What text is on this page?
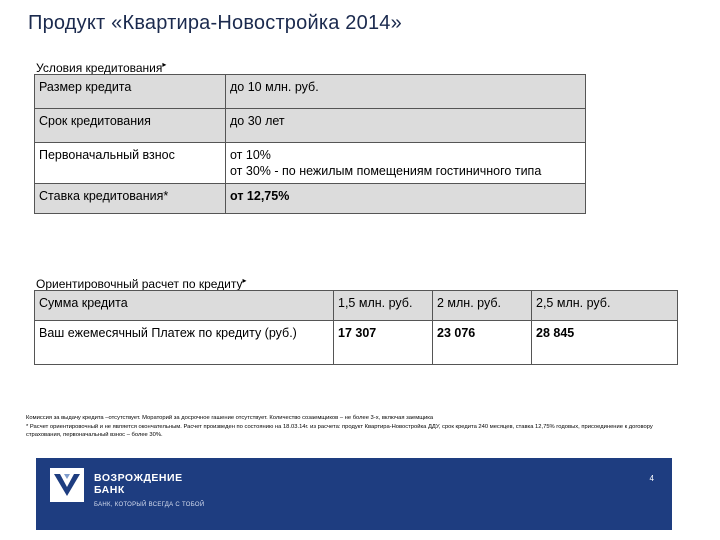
Продукт «Квартира-Новостройка 2014»
Условия кредитования▸
Размер кредита	до 10 млн. руб.
Срок кредитования	до 30 лет
Первоначальный взнос	от 10%
от 30% - по нежилым помещениям гостиничного типа

Ставка кредитования*	от 12,75%
Ориентировочный расчет по кредиту▸
Сумма кредита	1,5 млн. руб.	2 млн. руб.	2,5 млн. руб.
Ваш ежемесячный Платеж по кредиту (руб.)	17 307	23 076	28 845
Комиссия за выдачу кредита –отсутствует. Мораторий за досрочное гашение отсутствует. Количество созаемщиков – не более 3-х, включая заемщика
* Расчет ориентировочный и не является окончательным. Расчет произведен по состоянию на 18.03.14г. из расчета: продукт Квартира-Новостройка ДДУ, срок кредита 240 месяцев, ставка 12,75% годовых, присоединение к договору страхования, первоначальный взнос – более 30%.
ВОЗРОЖДЕНИЕ
БАНК
БАНК, КОТОРЫЙ ВСЕГДА С ТОБОЙ
4
